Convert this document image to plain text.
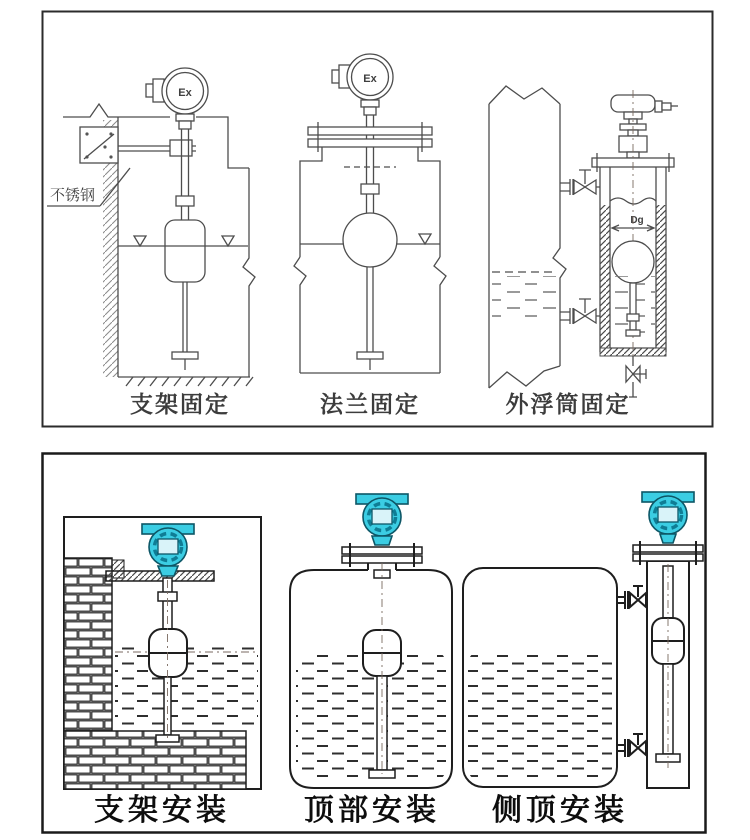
Ex
不锈钢
支架固定
Ex
法兰固定
Dg
外浮筒固定
支架安装 顶部安装 侧顶安装
